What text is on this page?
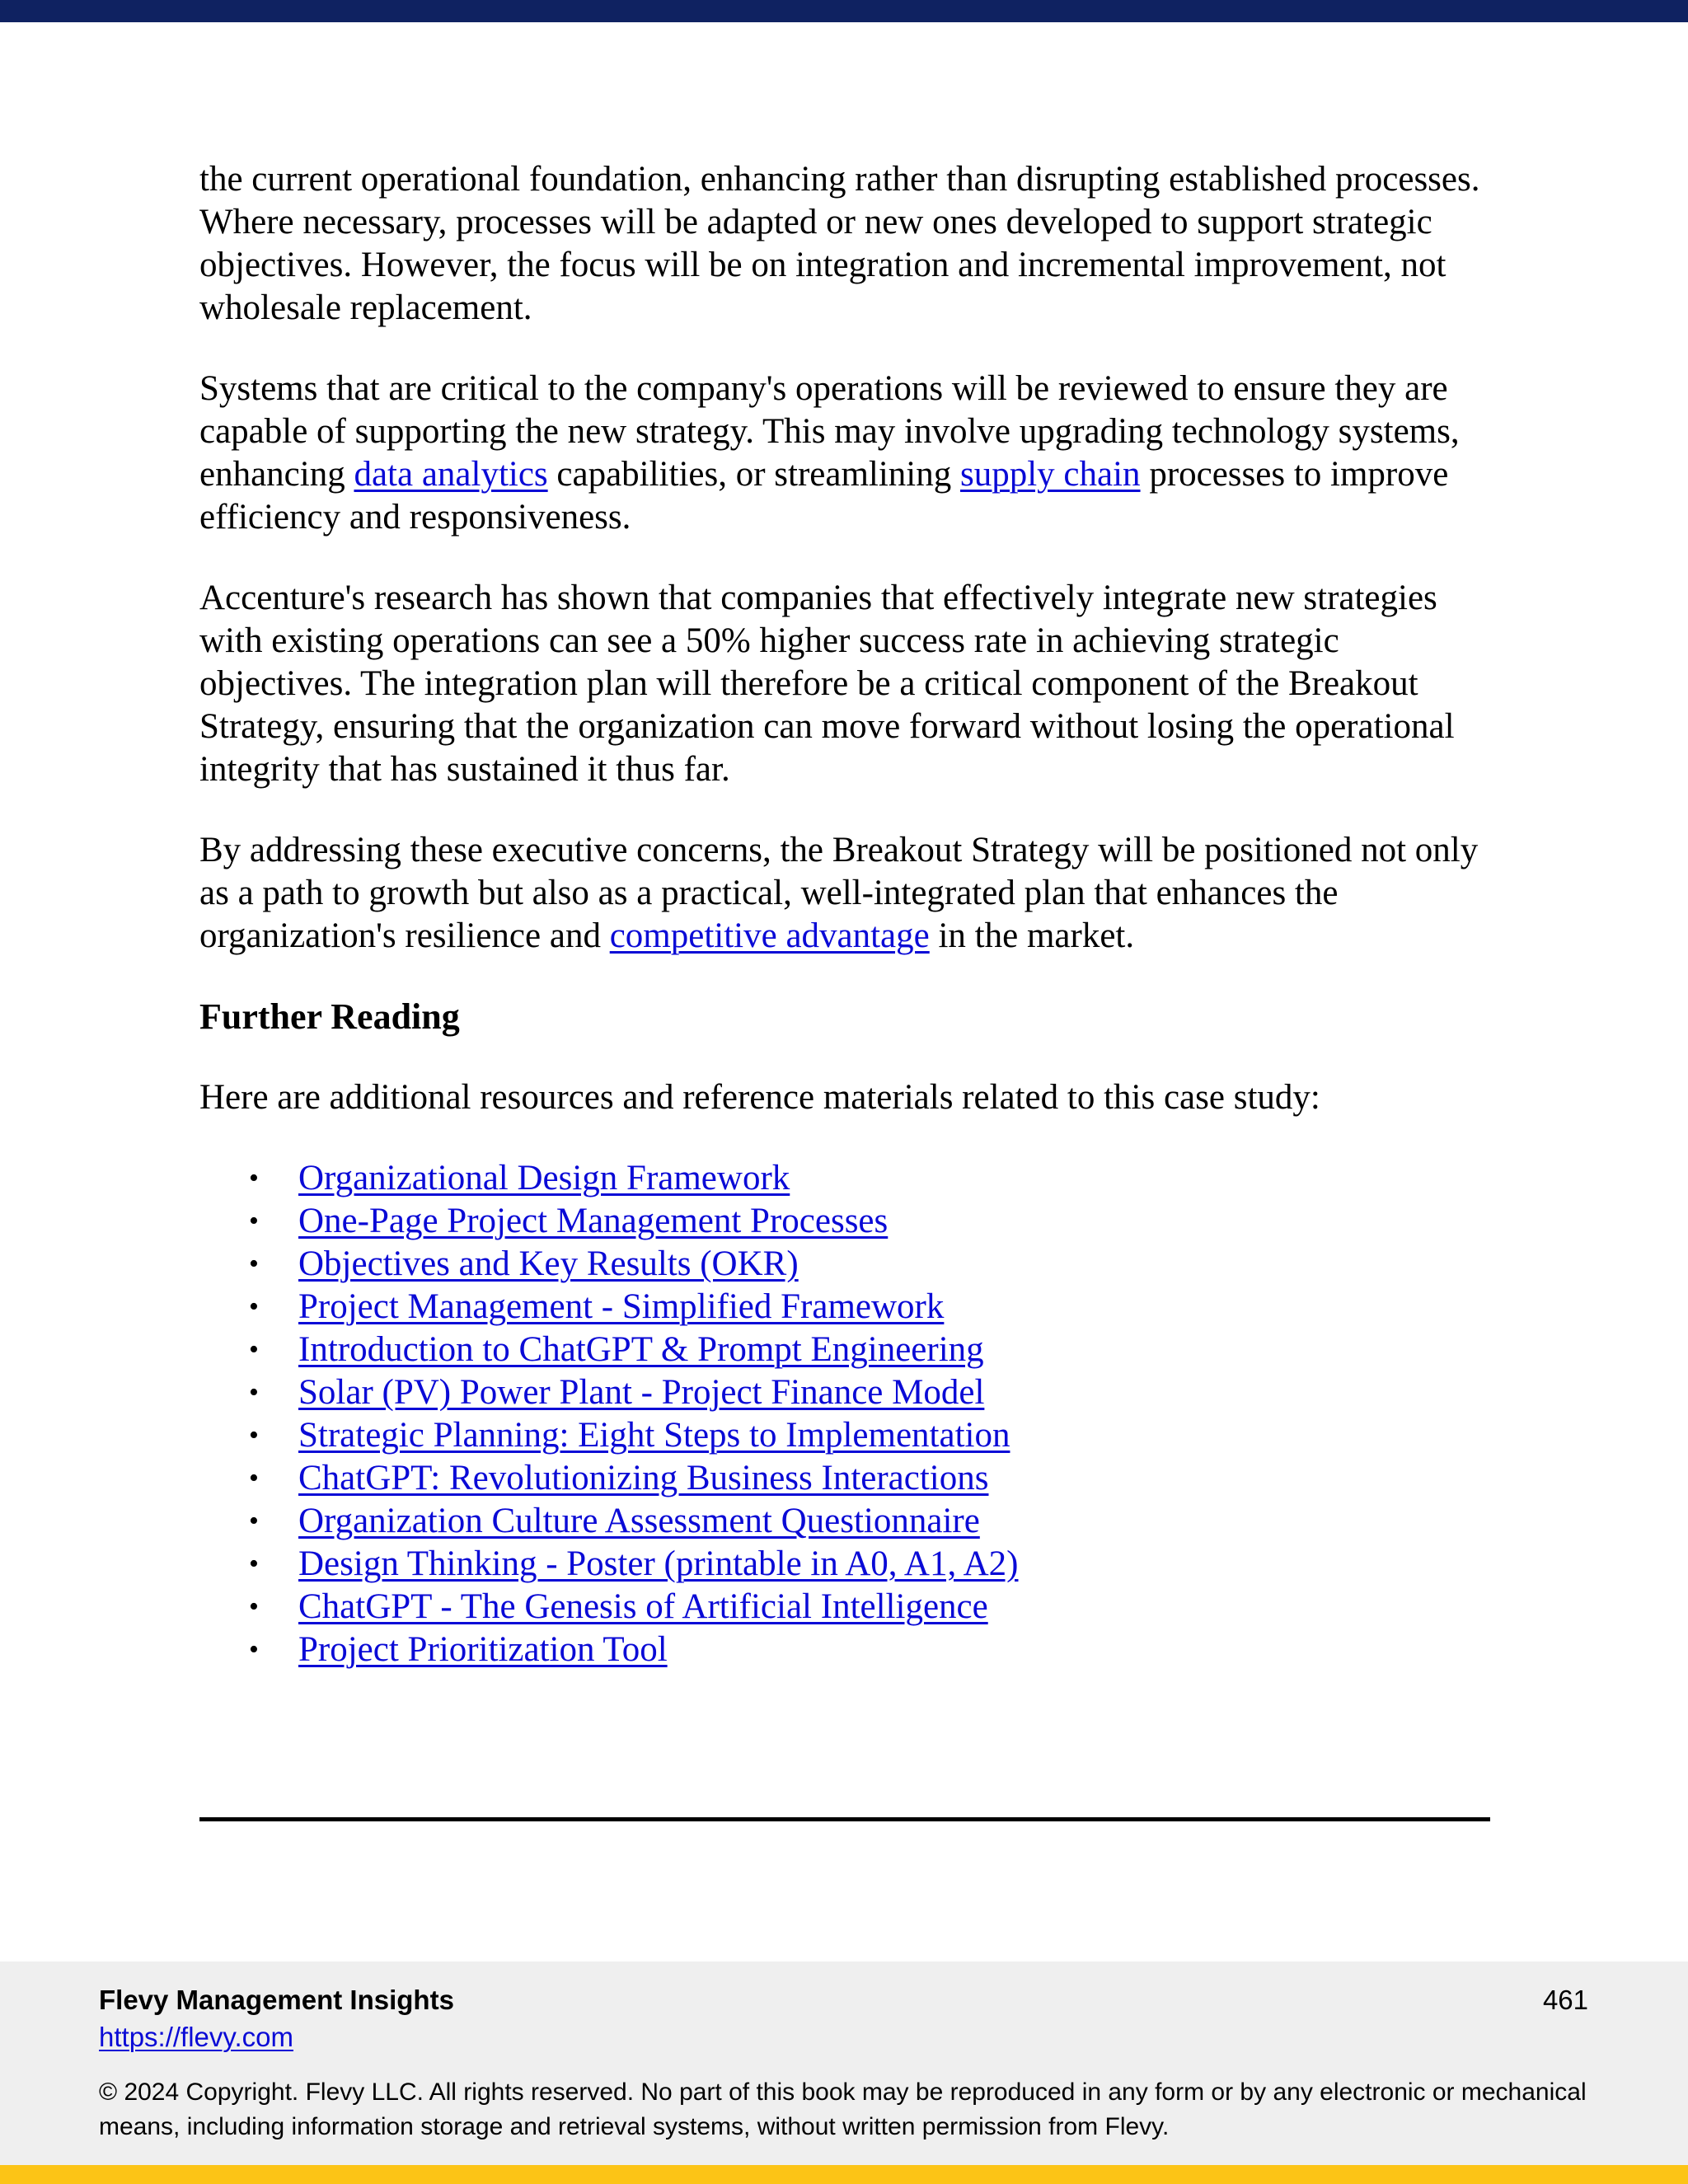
the current operational foundation, enhancing rather than disrupting established processes. Where necessary, processes will be adapted or new ones developed to support strategic objectives. However, the focus will be on integration and incremental improvement, not wholesale replacement.

Systems that are critical to the company's operations will be reviewed to ensure they are capable of supporting the new strategy. This may involve upgrading technology systems, enhancing data analytics capabilities, or streamlining supply chain processes to improve efficiency and responsiveness.

Accenture's research has shown that companies that effectively integrate new strategies with existing operations can see a 50% higher success rate in achieving strategic objectives. The integration plan will therefore be a critical component of the Breakout Strategy, ensuring that the organization can move forward without losing the operational integrity that has sustained it thus far.

By addressing these executive concerns, the Breakout Strategy will be positioned not only as a path to growth but also as a practical, well-integrated plan that enhances the organization's resilience and competitive advantage in the market.

Further Reading

Here are additional resources and reference materials related to this case study:

• Organizational Design Framework
• One-Page Project Management Processes
• Objectives and Key Results (OKR)
• Project Management - Simplified Framework
• Introduction to ChatGPT & Prompt Engineering
• Solar (PV) Power Plant - Project Finance Model
• Strategic Planning: Eight Steps to Implementation
• ChatGPT: Revolutionizing Business Interactions
• Organization Culture Assessment Questionnaire
• Design Thinking - Poster (printable in A0, A1, A2)
• ChatGPT - The Genesis of Artificial Intelligence
• Project Prioritization Tool
Flevy Management Insights
https://flevy.com
461
© 2024 Copyright. Flevy LLC. All rights reserved. No part of this book may be reproduced in any form or by any electronic or mechanical means, including information storage and retrieval systems, without written permission from Flevy.
